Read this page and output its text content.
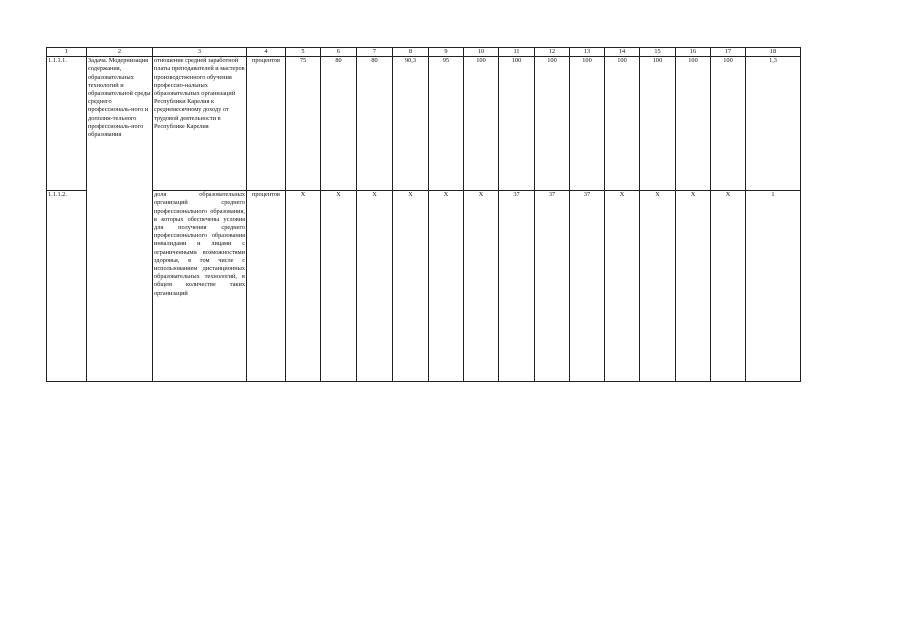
1	2	3	4	5	6	7	8	9	10	11	12	13	14	15	16	17	18
1.1.1.1.	Задача. Модернизация содержания, образовательных технологий и образовательной среды среднего профессиональ-ного и дополни-тельного профессиональ-ного образования	отношение средней заработной платы преподавателей и мастеров производственного обучения профессио-нальных образовательных организаций Республики Карелия к среднемесячному доходу от трудовой деятельности в Республике Карелия	процентов	75	80	80	90,3	95	100	100	100	100	100	100	100	100	1,3
1.1.1.2.		доля образовательных организаций среднего профессионального образования, в которых обеспечены условия для получения среднего профессионального образования инвалидами и лицами с ограниченными возможностями здоровья, в том числе с использованием дистанционных образовательных технологий, в общем количестве таких организаций	процентов	X	X	X	X	X	X	37	37	37	X	X	X	X	1
